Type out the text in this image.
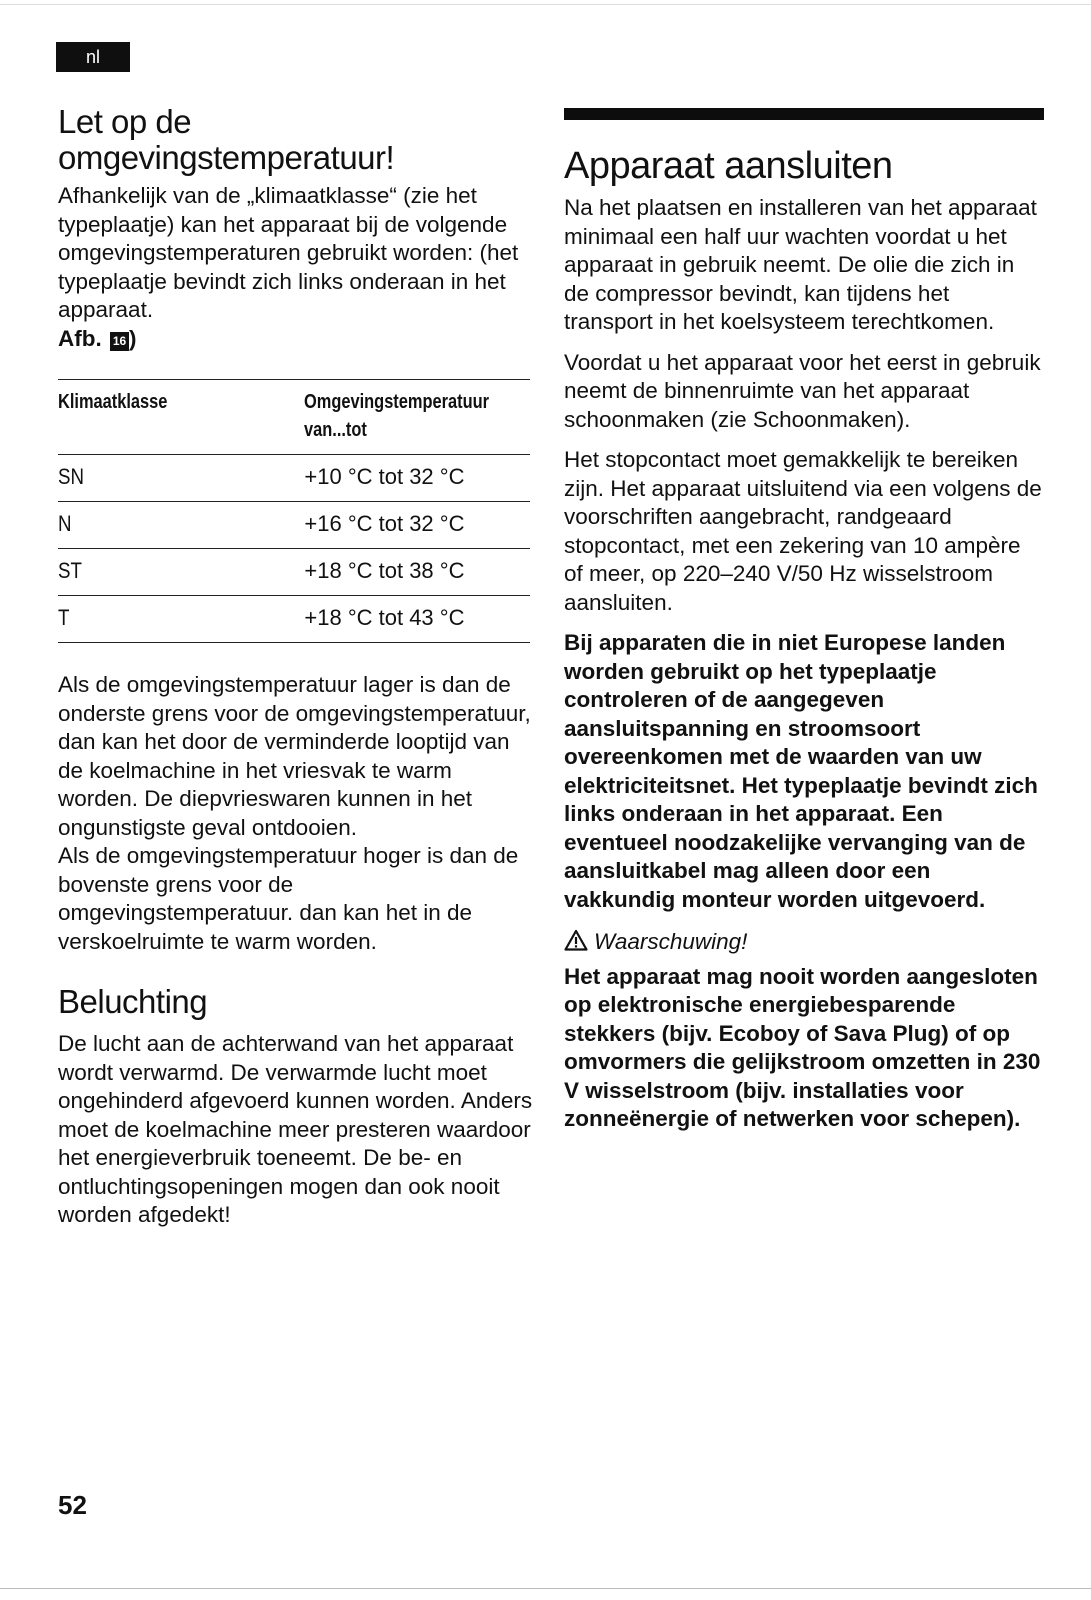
nl
Let op de omgevingstemperatuur!

Afhankelijk van de „klimaatklasse“ (zie het typeplaatje) kan het apparaat bij de volgende omgevingstemperaturen gebruikt worden: (het typeplaatje bevindt zich links onderaan in het apparaat.
Afb. 16 )

Klimaatklasse	Omgevingstemperatuur van...tot
SN	+10 °C tot 32 °C
N	+16 °C tot 32 °C
ST	+18 °C tot 38 °C
T	+18 °C tot 43 °C

Als de omgevingstemperatuur lager is dan de onderste grens voor de omgevingstemperatuur, dan kan het door de verminderde looptijd van de koelmachine in het vriesvak te warm worden. De diepvrieswaren kunnen in het ongunstigste geval ontdooien.

Als de omgevingstemperatuur hoger is dan de bovenste grens voor de omgevingstemperatuur. dan kan het in de verskoelruimte te warm worden.

Beluchting

De lucht aan de achterwand van het apparaat wordt verwarmd. De verwarmde lucht moet ongehinderd afgevoerd kunnen worden. Anders moet de koelmachine meer presteren waardoor het energieverbruik toeneemt. De be- en ontluchtingsopeningen mogen dan ook nooit worden afgedekt!

Apparaat aansluiten

Na het plaatsen en installeren van het apparaat minimaal een half uur wachten voordat u het apparaat in gebruik neemt. De olie die zich in de compressor bevindt, kan tijdens het transport in het koelsysteem terechtkomen.

Voordat u het apparaat voor het eerst in gebruik neemt de binnenruimte van het apparaat schoonmaken (zie Schoonmaken).

Het stopcontact moet gemakkelijk te bereiken zijn. Het apparaat uitsluitend via een volgens de voorschriften aangebracht, randgeaard stopcontact, met een zekering van 10 ampère of meer, op 220–240 V/50 Hz wisselstroom aansluiten.

Bij apparaten die in niet Europese landen worden gebruikt op het typeplaatje controleren of de aangegeven aansluitspanning en stroomsoort overeenkomen met de waarden van uw elektriciteitsnet. Het typeplaatje bevindt zich links onderaan in het apparaat. Een eventueel noodzakelijke vervanging van de aansluitkabel mag alleen door een vakkundig monteur worden uitgevoerd.

Waarschuwing!

Het apparaat mag nooit worden aangesloten op elektronische energiebesparende stekkers (bijv. Ecoboy of Sava Plug) of op omvormers die gelijkstroom omzetten in 230 V wisselstroom (bijv. installaties voor zonneënergie of netwerken voor schepen).

52
